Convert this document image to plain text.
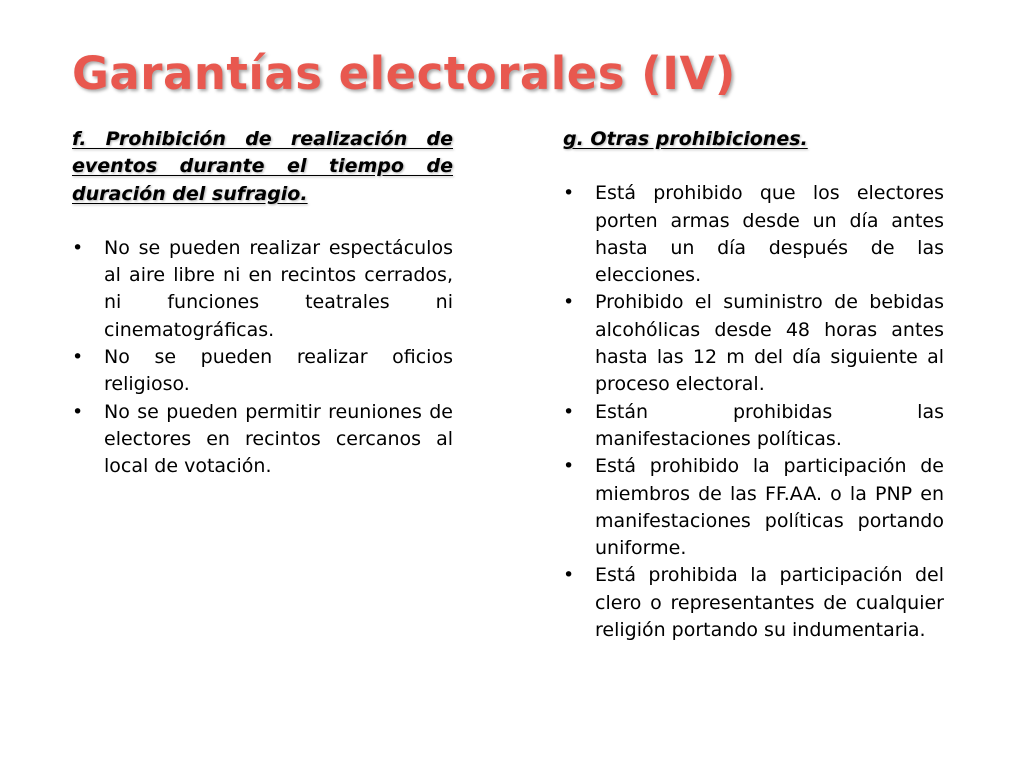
Garantías electorales (IV)

f. Prohibición de realización de eventos durante el tiempo de duración del sufragio.

•	No se pueden realizar espectáculos al aire libre ni en recintos cerrados, ni funciones teatrales ni cinematográficas.
•	No se pueden realizar oficios religioso.
•	No se pueden permitir reuniones de electores en recintos cercanos al local de votación.

g. Otras prohibiciones.

•	Está prohibido que los electores porten armas desde un día antes hasta un día después de las elecciones.
•	Prohibido el suministro de bebidas alcohólicas desde 48 horas antes hasta las 12 m del día siguiente al proceso electoral.
•	Están prohibidas las manifestaciones políticas.
•	Está prohibido la participación de miembros de las FF.AA. o la PNP en manifestaciones políticas portando uniforme.
•	Está prohibida la participación del clero o representantes de cualquier religión portando su indumentaria.
